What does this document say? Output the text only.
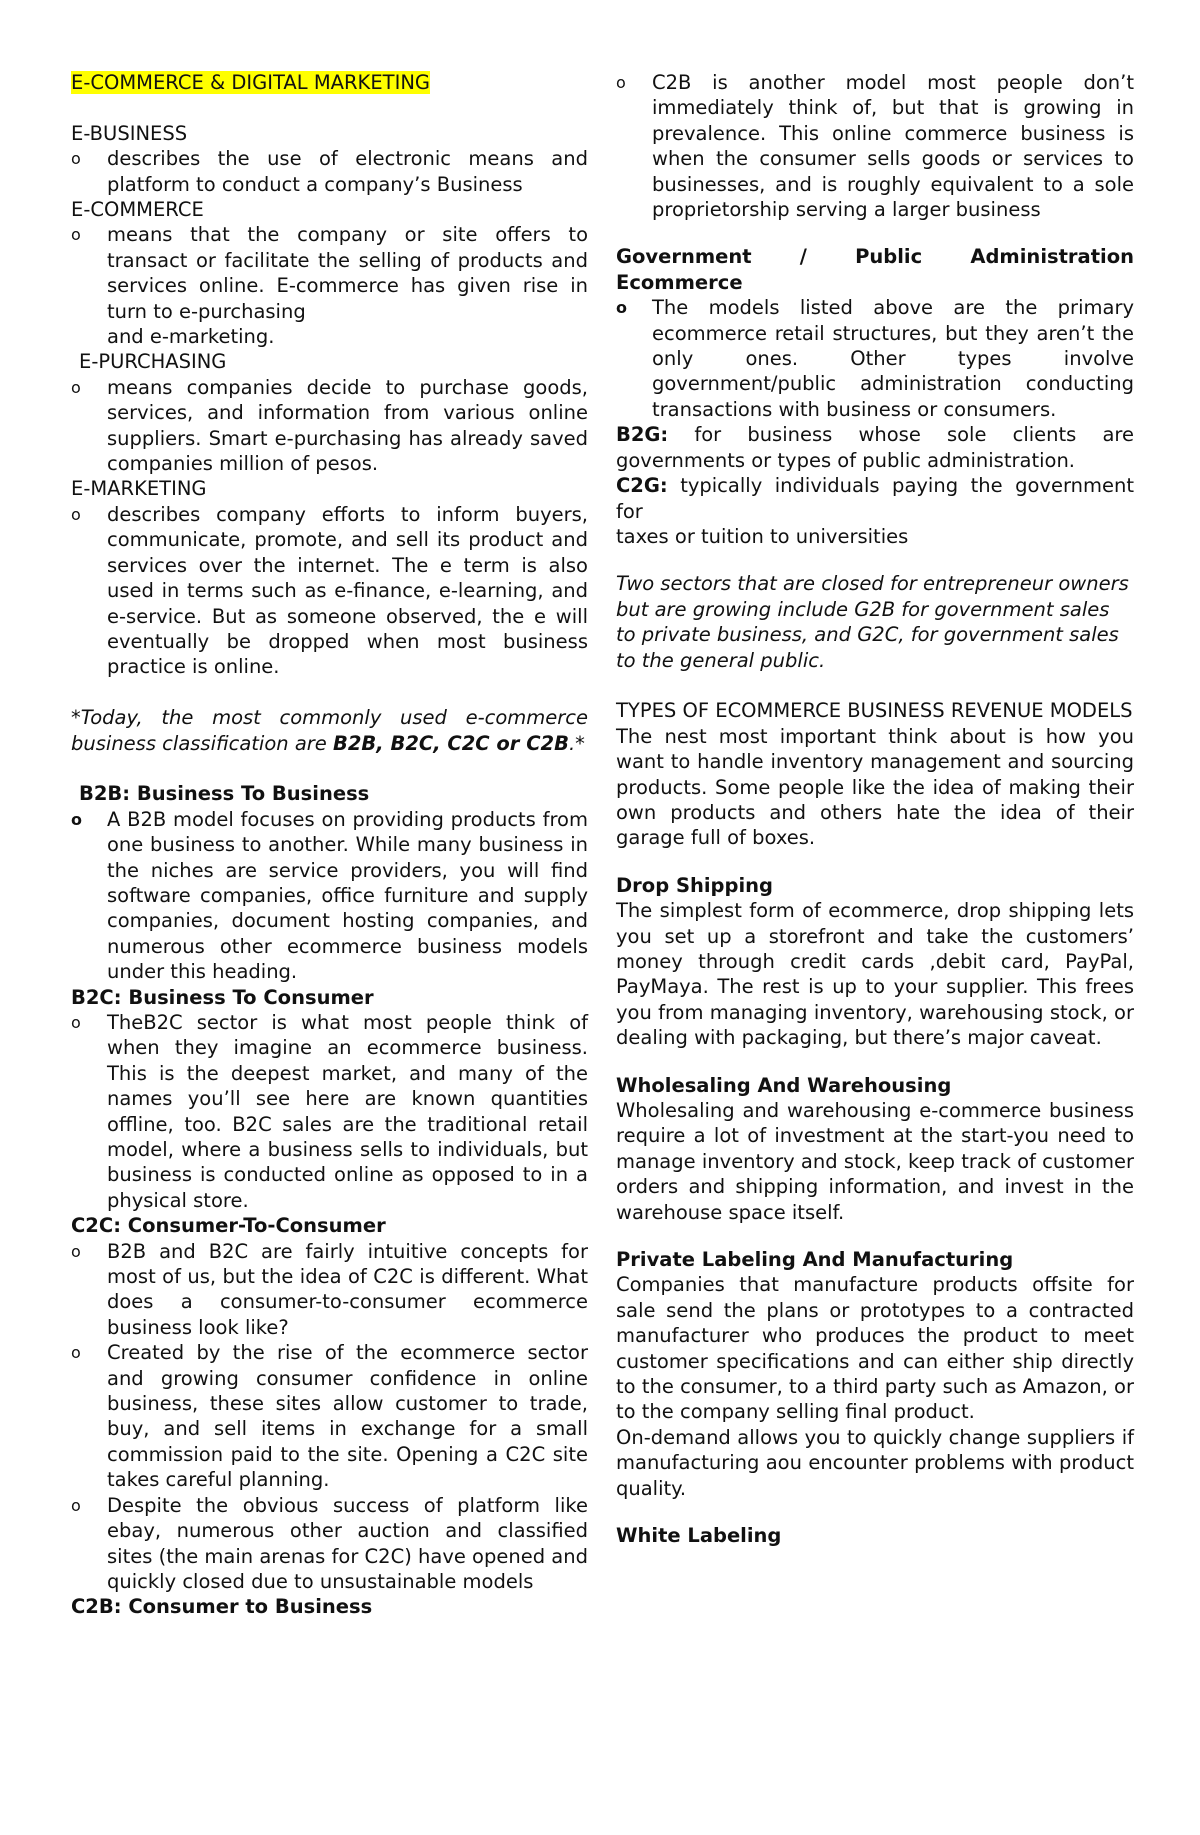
E-COMMERCE & DIGITAL MARKETING

E-BUSINESS

o describes the use of electronic means and platform to conduct a company’s Business

E-COMMERCE

o means that the company or site offers to transact or facilitate the selling of products and services online. E-commerce has given rise in turn to e-purchasing
and e-marketing.

E-PURCHASING

o means companies decide to purchase goods, services, and information from various online suppliers. Smart e-purchasing has already saved companies million of pesos.

E-MARKETING

o describes company efforts to inform buyers, communicate, promote, and sell its product and services over the internet. The e term is also used in terms such as e-finance, e-learning, and e-service. But as someone observed, the e will eventually be dropped when most business practice is online.

*Today, the most commonly used e-commerce business classification are B2B, B2C, C2C or C2B.*

B2B: Business To Business

o A B2B model focuses on providing products from one business to another. While many business in the niches are service providers, you will find software companies, office furniture and supply companies, document hosting companies, and numerous other ecommerce business models under this heading.

B2C: Business To Consumer

o TheB2C sector is what most people think of when they imagine an ecommerce business. This is the deepest market, and many of the names you’ll see here are known quantities offline, too. B2C sales are the traditional retail model, where a business sells to individuals, but business is conducted online as opposed to in a physical store.

C2C: Consumer-To-Consumer

o B2B and B2C are fairly intuitive concepts for most of us, but the idea of C2C is different. What does a consumer-to-consumer ecommerce business look like?

o Created by the rise of the ecommerce sector and growing consumer confidence in online business, these sites allow customer to trade, buy, and sell items in exchange for a small commission paid to the site. Opening a C2C site takes careful planning.

o Despite the obvious success of platform like ebay, numerous other auction and classified sites (the main arenas for C2C) have opened and quickly closed due to unsustainable models

C2B: Consumer to Business

o C2B is another model most people don’t immediately think of, but that is growing in prevalence. This online commerce business is when the consumer sells goods or services to businesses, and is roughly equivalent to a sole proprietorship serving a larger business

Government / Public Administration Ecommerce

o The models listed above are the primary ecommerce retail structures, but they aren’t the only ones. Other types involve government/public administration conducting transactions with business or consumers.

B2G: for business whose sole clients are governments or types of public administration.

C2G: typically individuals paying the government for

taxes or tuition to universities

Two sectors that are closed for entrepreneur owners but are growing include G2B for government sales to private business, and G2C, for government sales to the general public.

TYPES OF ECOMMERCE BUSINESS REVENUE MODELS

The nest most important think about is how you want to handle inventory management and sourcing products. Some people like the idea of making their own products and others hate the idea of their garage full of boxes.

Drop Shipping

The simplest form of ecommerce, drop shipping lets you set up a storefront and take the customers’ money through credit cards ,debit card, PayPal, PayMaya. The rest is up to your supplier. This frees you from managing inventory, warehousing stock, or dealing with packaging, but there’s major caveat.

Wholesaling And Warehousing

Wholesaling and warehousing e-commerce business require a lot of investment at the start-you need to manage inventory and stock, keep track of customer orders and shipping information, and invest in the warehouse space itself.

Private Labeling And Manufacturing

Companies that manufacture products offsite for sale send the plans or prototypes to a contracted manufacturer who produces the product to meet customer specifications and can either ship directly to the consumer, to a third party such as Amazon, or to the company selling final product.

On-demand allows you to quickly change suppliers if manufacturing aou encounter problems with product quality.

White Labeling
